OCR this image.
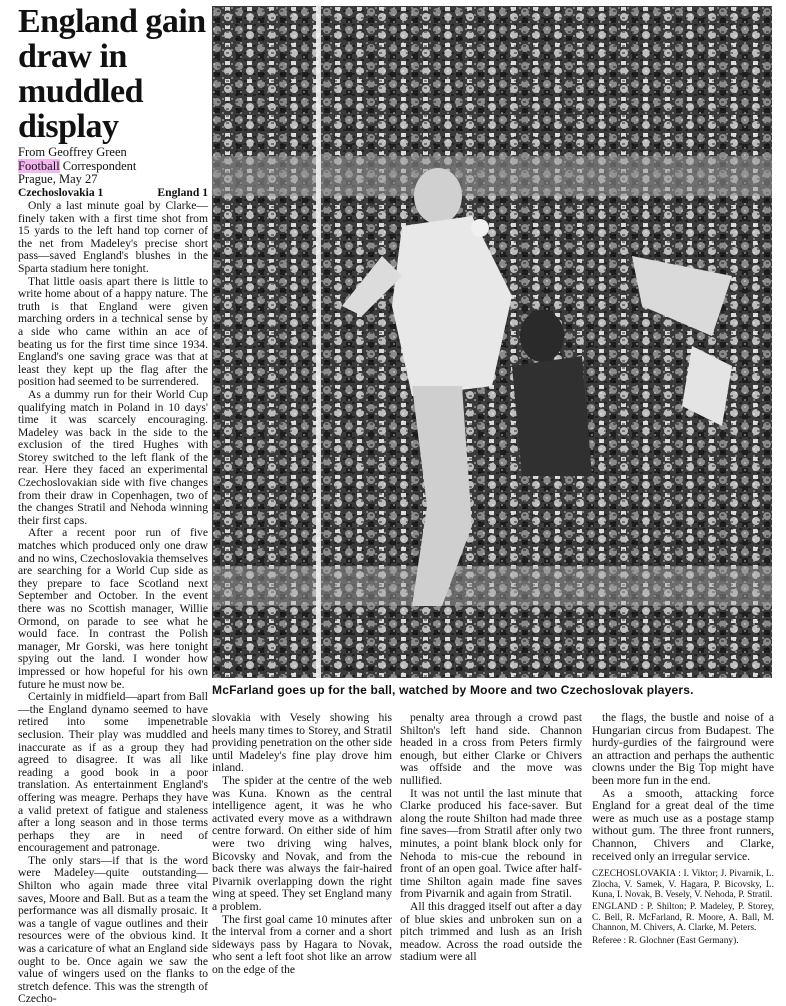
England gain draw in muddled display
From Geoffrey Green
Football Correspondent
Prague, May 27
Czechoslovakia 1	England 1

Only a last minute goal by Clarke—finely taken with a first time shot from 15 yards to the left hand top corner of the net from Madeley's precise short pass—saved England's blushes in the Sparta stadium here tonight.

That little oasis apart there is little to write home about of a happy nature. The truth is that England were given marching orders in a technical sense by a side who came within an ace of beating us for the first time since 1934. England's one saving grace was that at least they kept up the flag after the position had seemed to be surrendered.

As a dummy run for their World Cup qualifying match in Poland in 10 days' time it was scarcely encouraging. Madeley was back in the side to the exclusion of the tired Hughes with Storey switched to the left flank of the rear. Here they faced an experimental Czechoslovakian side with five changes from their draw in Copenhagen, two of the changes Stratil and Nehoda winning their first caps.

After a recent poor run of five matches which produced only one draw and no wins, Czechoslovakia themselves are searching for a World Cup side as they prepare to face Scotland next September and October. In the event there was no Scottish manager, Willie Ormond, on parade to see what he would face. In contrast the Polish manager, Mr Gorski, was here tonight spying out the land. I wonder how impressed or how hopeful for his own future he must now be.

Certainly in midfield—apart from Ball—the England dynamo seemed to have retired into some impenetrable seclusion. Their play was muddled and inaccurate as if as a group they had agreed to disagree. It was all like reading a good book in a poor translation. As entertainment England's offering was meagre. Perhaps they have a valid pretext of fatigue and staleness after a long season and in those terms perhaps they are in need of encouragement and patronage.

The only stars—if that is the word were Madeley—quite outstanding—Shilton who again made three vital saves, Moore and Ball. But as a team the performance was all dismally prosaic. It was a tangle of vague outlines and their resources were of the obvious kind. It was a caricature of what an England side ought to be. Once again we saw the value of wingers used on the flanks to stretch defence. This was the strength of Czecho-

McFarland goes up for the ball, watched by Moore and two Czechoslovak players.

slovakia with Vesely showing his heels many times to Storey, and Stratil providing penetration on the other side until Madeley's fine play drove him inland.

The spider at the centre of the web was Kuna. Known as the central intelligence agent, it was he who activated every move as a withdrawn centre forward. On either side of him were two driving wing halves, Bicovsky and Novak, and from the back there was always the fair-haired Pivarnik overlapping down the right wing at speed. They set England many a problem.

The first goal came 10 minutes after the interval from a corner and a short sideways pass by Hagara to Novak, who sent a left foot shot like an arrow on the edge of the

penalty area through a crowd past Shilton's left hand side. Channon headed in a cross from Peters firmly enough, but either Clarke or Chivers was offside and the move was nullified.

It was not until the last minute that Clarke produced his face-saver. But along the route Shilton had made three fine saves—from Stratil after only two minutes, a point blank block only for Nehoda to mis-cue the rebound in front of an open goal. Twice after half-time Shilton again made fine saves from Pivarnik and again from Stratil.

All this dragged itself out after a day of blue skies and unbroken sun on a pitch trimmed and lush as an Irish meadow. Across the road outside the stadium were all

the flags, the bustle and noise of a Hungarian circus from Budapest. The hurdy-gurdies of the fairground were an attraction and perhaps the authentic clowns under the Big Top might have been more fun in the end.

As a smooth, attacking force England for a great deal of the time were as much use as a postage stamp without gum. The three front runners, Channon, Chivers and Clarke, received only an irregular service.

CZECHOSLOVAKIA : I. Viktor; J. Pivarnik, L. Zlocha, V. Samek, V. Hagara, P. Bicovsky, L. Kuna, I. Novak, B. Vesely, V. Nehoda, P. Stratil.

ENGLAND : P. Shilton; P. Madeley, P. Storey, C. Bell, R. McFarland, R. Moore, A. Ball, M. Channon, M. Chivers, A. Clarke, M. Peters.

Referee : R. Glochner (East Germany).
